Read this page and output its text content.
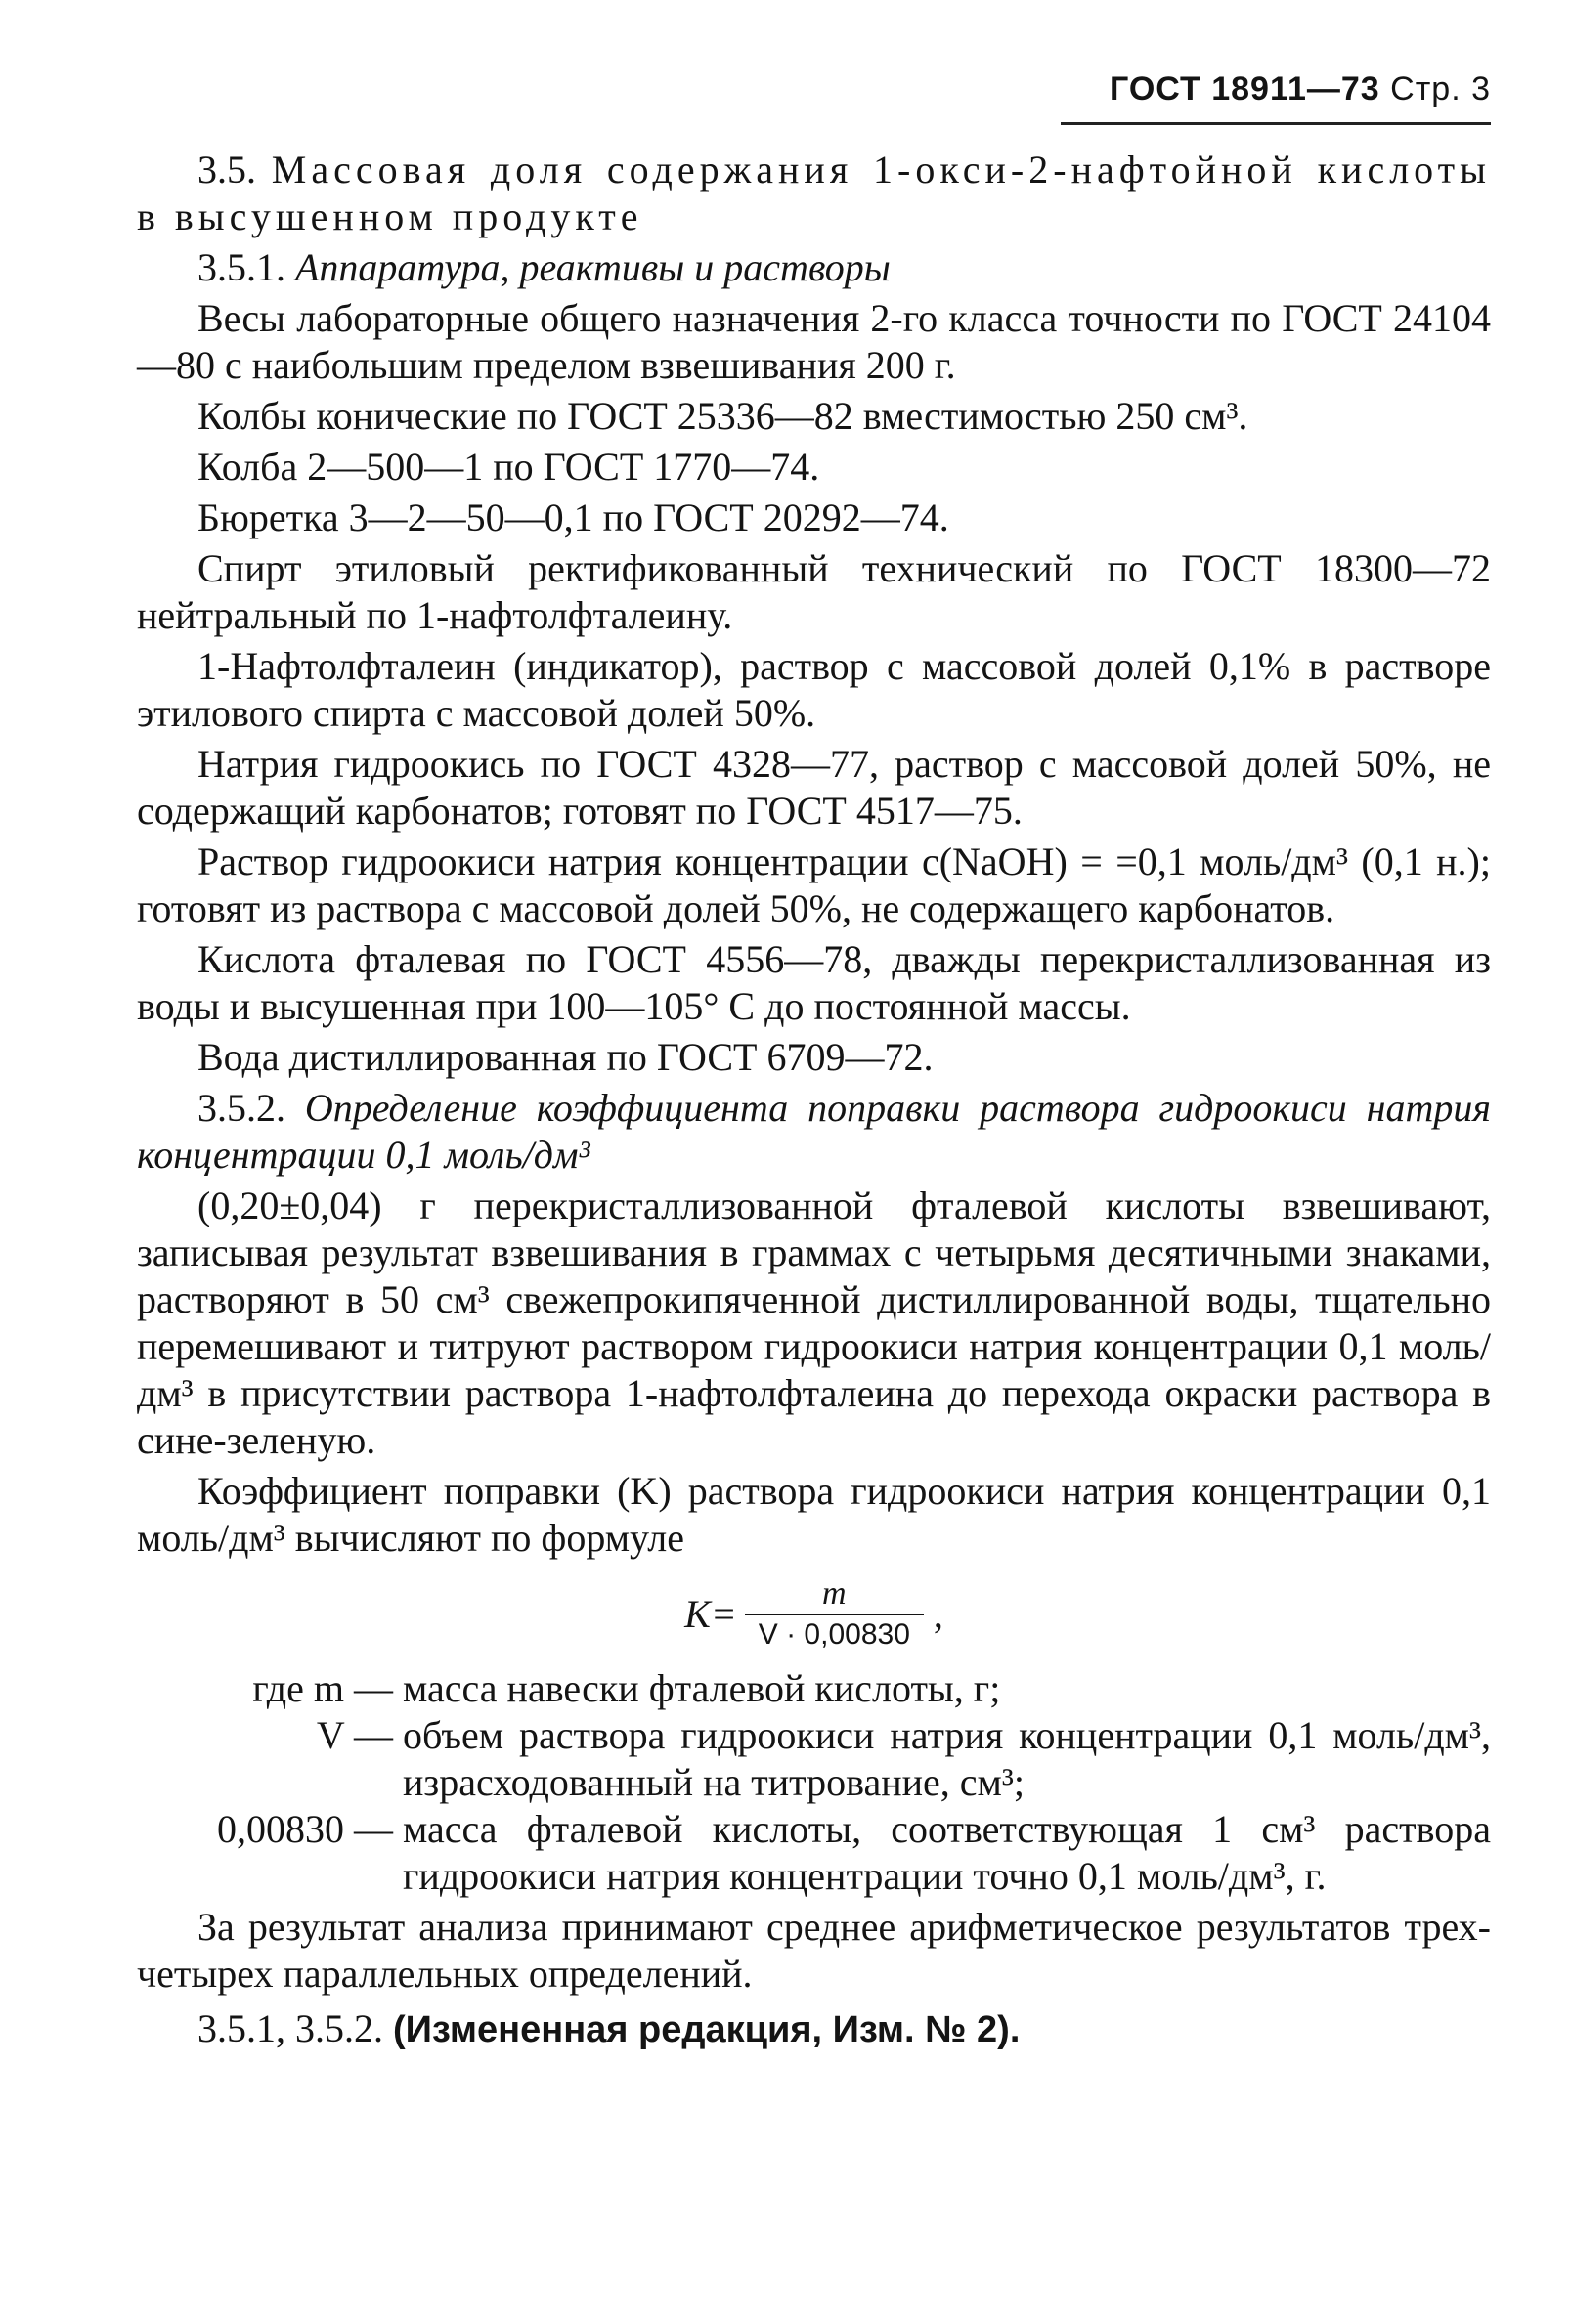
ГОСТ 18911—73 Стр. 3

3.5. Массовая доля содержания 1-окси-2-нафтойной кислоты в высушенном продукте

3.5.1. Аппаратура, реактивы и растворы

Весы лабораторные общего назначения 2-го класса точности по ГОСТ 24104—80 с наибольшим пределом взвешивания 200 г.

Колбы конические по ГОСТ 25336—82 вместимостью 250 см³.

Колба 2—500—1 по ГОСТ 1770—74.

Бюретка 3—2—50—0,1 по ГОСТ 20292—74.

Спирт этиловый ректификованный технический по ГОСТ 18300—72 нейтральный по 1-нафтолфталеину.

1-Нафтолфталеин (индикатор), раствор с массовой долей 0,1% в растворе этилового спирта с массовой долей 50%.

Натрия гидроокись по ГОСТ 4328—77, раствор с массовой долей 50%, не содержащий карбонатов; готовят по ГОСТ 4517—75.

Раствор гидроокиси натрия концентрации с(NaOH) = =0,1 моль/дм³ (0,1 н.); готовят из раствора с массовой долей 50%, не содержащего карбонатов.

Кислота фталевая по ГОСТ 4556—78, дважды перекристаллизованная из воды и высушенная при 100—105° С до постоянной массы.

Вода дистиллированная по ГОСТ 6709—72.

3.5.2. Определение коэффициента поправки раствора гидроокиси натрия концентрации 0,1 моль/дм³

(0,20±0,04) г перекристаллизованной фталевой кислоты взвешивают, записывая результат взвешивания в граммах с четырьмя десятичными знаками, растворяют в 50 см³ свежепрокипяченной дистиллированной воды, тщательно перемешивают и титруют раствором гидроокиси натрия концентрации 0,1 моль/дм³ в присутствии раствора 1-нафтолфталеина до перехода окраски раствора в сине-зеленую.

Коэффициент поправки (K) раствора гидроокиси натрия концентрации 0,1 моль/дм³ вычисляют по формуле

$K= \frac{m}{V \cdot 0,00830}$ ,
где m —	масса навески фталевой кислоты, г;
V —	объем раствора гидроокиси натрия концентрации 0,1 моль/дм³, израсходованный на титрование, см³;
0,00830 —	масса фталевой кислоты, соответствующая 1 см³ раствора гидроокиси натрия концентрации точно 0,1 моль/дм³, г.

За результат анализа принимают среднее арифметическое результатов трех-четырех параллельных определений.

3.5.1, 3.5.2. (Измененная редакция, Изм. № 2).
